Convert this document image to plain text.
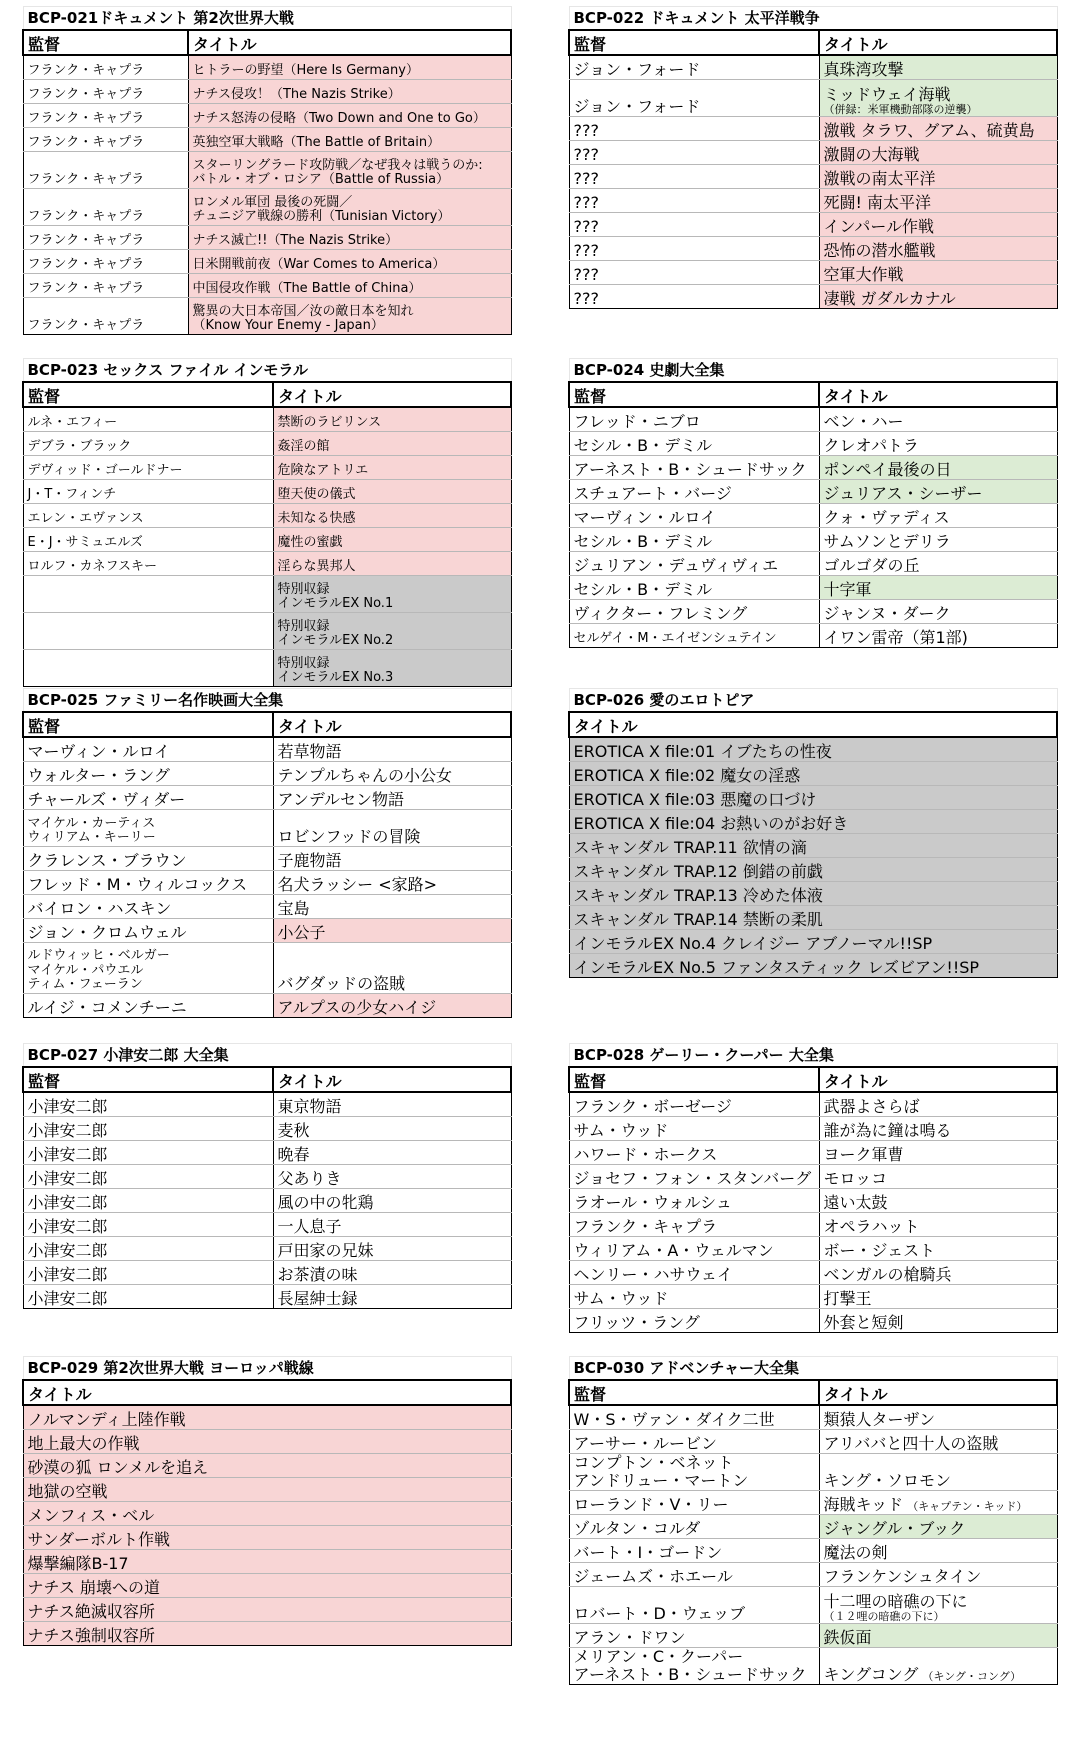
BCP-021ドキュメント 第2次世界大戦	
監督	タイトル

フランク・キャプラ	ヒトラーの野望（Here Is Germany）

フランク・キャプラ	ナチス侵攻！（The Nazis Strike）

フランク・キャプラ	ナチス怒涛の侵略（Two Down and One to Go）

フランク・キャプラ	英独空軍大戦略（The Battle of Britain）

フランク・キャプラ	スターリングラード攻防戦／なぜ我々は戦うのか:
バトル・オブ・ロシア（Battle of Russia）

フランク・キャプラ	ロンメル軍団 最後の死闘／
チュニジア戦線の勝利（Tunisian Victory）

フランク・キャプラ	ナチス滅亡!!（The Nazis Strike）

フランク・キャプラ	日米開戦前夜（War Comes to America）

フランク・キャプラ	中国侵攻作戦（The Battle of China）

フランク・キャプラ	驚異の大日本帝国／汝の敵日本を知れ
（Know Your Enemy - Japan）
BCP-022 ドキュメント 太平洋戦争	
監督	タイトル

ジョン・フォード	真珠湾攻撃

ジョン・フォード	ミッドウェイ海戦
（併録：米軍機動部隊の逆襲）

???	激戦 タラワ、グアム、硫黄島

???	激闘の大海戦

???	激戦の南太平洋

???	死闘! 南太平洋

???	インパール作戦

???	恐怖の潜水艦戦

???	空軍大作戦

???	凄戦 ガダルカナル
BCP-023 セックス ファイル インモラル	
監督	タイトル

ルネ・エフィー	禁断のラビリンス

デブラ・ブラック	姦淫の館

デヴィッド・ゴールドナー	危険なアトリエ

J・T・フィンチ	堕天使の儀式

エレン・エヴァンス	未知なる快感

E・J・サミュエルズ	魔性の蜜戯

ロルフ・カネフスキー	淫らな異邦人

	特別収録
インモラルEX No.1

	特別収録
インモラルEX No.2

	特別収録
インモラルEX No.3
BCP-024 史劇大全集	
監督	タイトル

フレッド・ニブロ	ベン・ハー

セシル・B・デミル	クレオパトラ

アーネスト・B・シュードサック	ポンペイ最後の日

スチュアート・バージ	ジュリアス・シーザー

マーヴィン・ルロイ	クォ・ヴァディス

セシル・B・デミル	サムソンとデリラ

ジュリアン・デュヴィヴィエ	ゴルゴダの丘

セシル・B・デミル	十字軍

ヴィクター・フレミング	ジャンヌ・ダーク

セルゲイ・M・エイゼンシュテイン	イワン雷帝（第1部)
BCP-025 ファミリー名作映画大全集	
監督	タイトル

マーヴィン・ルロイ	若草物語

ウォルター・ラング	テンプルちゃんの小公女

チャールズ・ヴィダー	アンデルセン物語

マイケル・カーティス
ウィリアム・キーリー	ロビンフッドの冒険

クラレンス・ブラウン	子鹿物語

フレッド・M・ウィルコックス	名犬ラッシー <家路>

バイロン・ハスキン	宝島

ジョン・クロムウェル	小公子

ルドウィッヒ・ベルガー
マイケル・パウエル
ティム・フェーラン	バグダッドの盗賊

ルイジ・コメンチーニ	アルプスの少女ハイジ
BCP-026 愛のエロトピア
タイトル
EROTICA X file:01 イブたちの性夜
EROTICA X file:02 魔女の淫惑
EROTICA X file:03 悪魔の口づけ
EROTICA X file:04 お熱いのがお好き
スキャンダル TRAP.11 欲情の滴
スキャンダル TRAP.12 倒錯の前戯
スキャンダル TRAP.13 冷めた体液
スキャンダル TRAP.14 禁断の柔肌
インモラルEX No.4 クレイジー アブノーマル!!SP
インモラルEX No.5 ファンタスティック レズビアン!!SP
BCP-027 小津安二郎 大全集	
監督	タイトル

小津安二郎	東京物語

小津安二郎	麦秋

小津安二郎	晩春

小津安二郎	父ありき

小津安二郎	風の中の牝鶏

小津安二郎	一人息子

小津安二郎	戸田家の兄妹

小津安二郎	お茶漬の味

小津安二郎	長屋紳士録
BCP-028 ゲーリー・クーパー 大全集	
監督	タイトル

フランク・ボーゼージ	武器よさらば

サム・ウッド	誰が為に鐘は鳴る

ハワード・ホークス	ヨーク軍曹

ジョセフ・フォン・スタンバーグ	モロッコ

ラオール・ウォルシュ	遠い太鼓

フランク・キャプラ	オペラハット

ウィリアム・A・ウェルマン	ボー・ジェスト

ヘンリー・ハサウェイ	ベンガルの槍騎兵

サム・ウッド	打撃王

フリッツ・ラング	外套と短剣
BCP-029 第2次世界大戦 ヨーロッパ戦線
タイトル
ノルマンディ上陸作戦
地上最大の作戦
砂漠の狐 ロンメルを追え
地獄の空戦
メンフィス・ベル
サンダーボルト作戦
爆撃編隊B-17
ナチス 崩壊への道
ナチス絶滅収容所
ナチス強制収容所
BCP-030 アドベンチャー大全集	
監督	タイトル

W・S・ヴァン・ダイク二世	類猿人ターザン

アーサー・ルービン	アリババと四十人の盗賊

コンプトン・ベネット
アンドリュー・マートン	キング・ソロモン

ローランド・V・リー	海賊キッド （キャプテン・キッド）

ゾルタン・コルダ	ジャングル・ブック

バート・I・ゴードン	魔法の剣

ジェームズ・ホエール	フランケンシュタイン

ロバート・D・ウェッブ	十二哩の暗礁の下に
（１２哩の暗礁の下に）

アラン・ドワン	鉄仮面

メリアン・C・クーパー
アーネスト・B・シュードサック	キングコング （キング・コング）
